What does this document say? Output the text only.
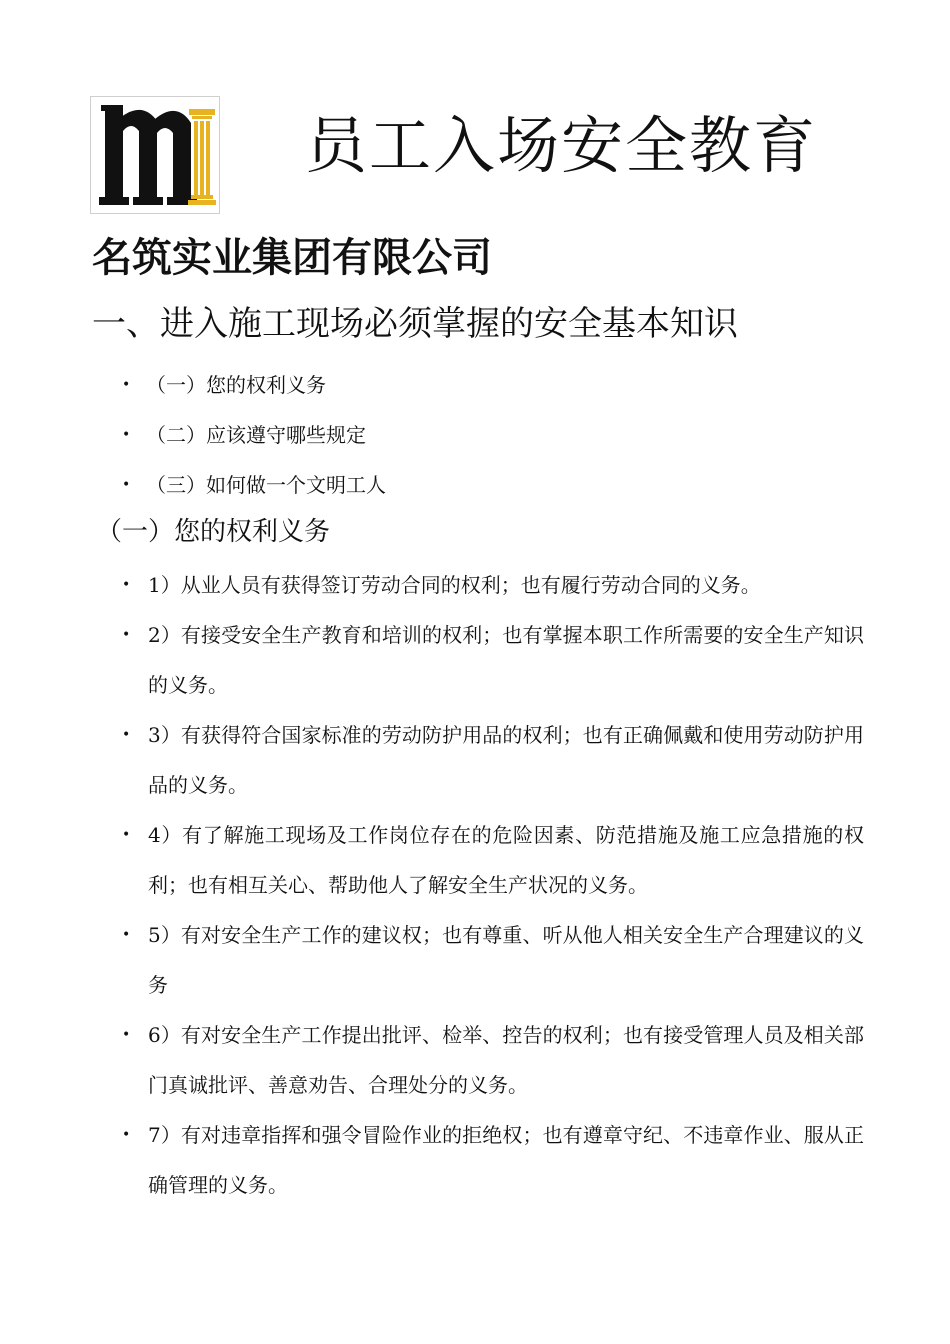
员工入场安全教育
名筑实业集团有限公司
一、进入施工现场必须掌握的安全基本知识
• （一）您的权利义务
• （二）应该遵守哪些规定
• （三）如何做一个文明工人
（一）您的权利义务
• 1）从业人员有获得签订劳动合同的权利；也有履行劳动合同的义务。
• 2）有接受安全生产教育和培训的权利；也有掌握本职工作所需要的安全生产知识的义务。
• 3）有获得符合国家标准的劳动防护用品的权利；也有正确佩戴和使用劳动防护用品的义务。
• 4）有了解施工现场及工作岗位存在的危险因素、防范措施及施工应急措施的权利；也有相互关心、帮助他人了解安全生产状况的义务。
• 5）有对安全生产工作的建议权；也有尊重、听从他人相关安全生产合理建议的义务
• 6）有对安全生产工作提出批评、检举、控告的权利；也有接受管理人员及相关部门真诚批评、善意劝告、合理处分的义务。
• 7）有对违章指挥和强令冒险作业的拒绝权；也有遵章守纪、不违章作业、服从正确管理的义务。
